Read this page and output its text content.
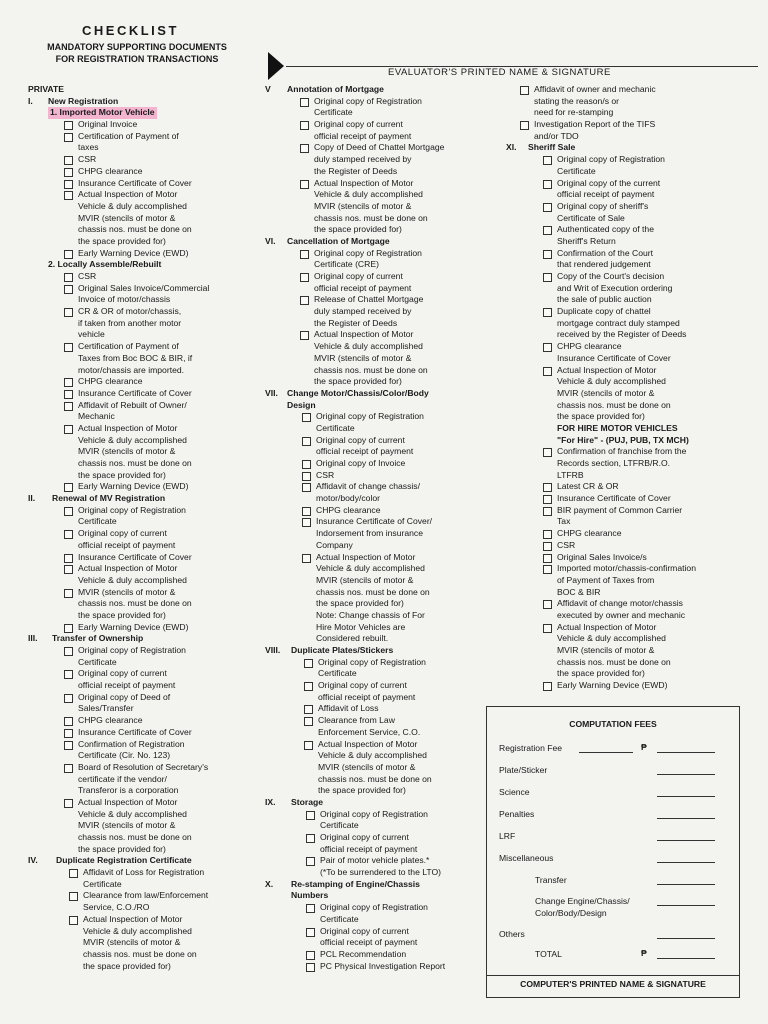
CHECKLIST
MANDATORY SUPPORTING DOCUMENTS
FOR REGISTRATION TRANSACTIONS
EVALUATOR'S PRINTED NAME & SIGNATURE
PRIVATE
I. New Registration
1. Imported Motor Vehicle
Original Invoice
Certification of Payment of
taxes
CSR
CHPG clearance
Insurance Certificate of Cover
Actual Inspection of Motor
Vehicle & duly accomplished
MVIR (stencils of motor &
chassis nos. must be done on
the space provided for)
Early Warning Device (EWD)
2. Locally Assemble/Rebuilt
CSR
Original Sales Invoice/Commercial
Invoice of motor/chassis
CR & OR of motor/chassis,
if taken from another motor
vehicle
Certification of Payment of
Taxes from Boc BOC & BIR, if
motor/chassis are imported.
CHPG clearance
Insurance Certificate of Cover
Affidavit of Rebuilt of Owner/
Mechanic
Actual Inspection of Motor
Vehicle & duly accomplished
MVIR (stencils of motor &
chassis nos. must be done on
the space provided for)
Early Warning Device (EWD)
II. Renewal of MV Registration
Original copy of Registration
Certificate
Original copy of current
official receipt of payment
Insurance Certificate of Cover
Actual Inspection of Motor
Vehicle & duly accomplished
MVIR (stencils of motor &
chassis nos. must be done on
the space provided for)
Early Warning Device (EWD)
III. Transfer of Ownership
Original copy of Registration
Certificate
Original copy of current
official receipt of payment
Original copy of Deed of
Sales/Transfer
CHPG clearance
Insurance Certificate of Cover
Confirmation of Registration
Certificate (Cir. No. 123)
Board of Resolution of Secretary's
certificate if the vendor/
Transferor is a corporation
Actual Inspection of Motor
Vehicle & duly accomplished
MVIR (stencils of motor &
chassis nos. must be done on
the space provided for)
IV. Duplicate Registration Certificate
Affidavit of Loss for Registration
Certificate
Clearance from law/Enforcement
Service, C.O./RO
Actual Inspection of Motor
Vehicle & duly accomplished
MVIR (stencils of motor &
chassis nos. must be done on
the space provided for)
V Annotation of Mortgage
Original copy of Registration
Certificate
Original copy of current
official receipt of payment
Copy of Deed of Chattel Mortgage
duly stamped received by
the Register of Deeds
Actual Inspection of Motor
Vehicle & duly accomplished
MVIR (stencils of motor &
chassis nos. must be done on
the space provided for)
VI. Cancellation of Mortgage
Original copy of Registration
Certificate (CRE)
Original copy of current
official receipt of payment
Release of Chattel Mortgage
duly stamped received by
the Register of Deeds
Actual Inspection of Motor
Vehicle & duly accomplished
MVIR (stencils of motor &
chassis nos. must be done on
the space provided for)
VII. Change Motor/Chassis/Color/Body
Design
Original copy of Registration
Certificate
Original copy of current
official receipt of payment
Original copy of Invoice
CSR
Affidavit of change chassis/
motor/body/color
CHPG clearance
Insurance Certificate of Cover/
Indorsement from insurance
Company
Actual Inspection of Motor
Vehicle & duly accomplished
MVIR (stencils of motor &
chassis nos. must be done on
the space provided for)
Note: Change chassis of For
Hire Motor Vehicles are
Considered rebuilt.
VIII. Duplicate Plates/Stickers
Original copy of Registration
Certificate
Original copy of current
official receipt of payment
Affidavit of Loss
Clearance from Law
Enforcement Service, C.O.
Actual Inspection of Motor
Vehicle & duly accomplished
MVIR (stencils of motor &
chassis nos. must be done on
the space provided for)
IX. Storage
Original copy of Registration
Certificate
Original copy of current
official receipt of payment
Pair of motor vehicle plates.*
(*To be surrendered to the LTO)
X. Re-stamping of Engine/Chassis
Numbers
Original copy of Registration
Certificate
Original copy of current
official receipt of payment
PCL Recommendation
PC Physical Investigation Report
Affidavit of owner and mechanic
stating the reason/s or
need for re-stamping
Investigation Report of the TIFS
and/or TDO
XI. Sheriff Sale
Original copy of Registration
Certificate
Original copy of the current
official receipt of payment
Original copy of sheriff's
Certificate of Sale
Authenticated copy of the
Sheriff's Return
Confirmation of the Court
that rendered judgement
Copy of the Court's decision
and Writ of Execution ordering
the sale of public auction
Duplicate copy of chattel
mortgage contract duly stamped
received by the Register of Deeds
CHPG clearance
Insurance Certificate of Cover
Actual Inspection of Motor
Vehicle & duly accomplished
MVIR (stencils of motor &
chassis nos. must be done on
the space provided for)
FOR HIRE MOTOR VEHICLES
"For Hire" - (PUJ, PUB, TX MCH)
Confirmation of franchise from the
Records section, LTFRB/R.O.
LTFRB
Latest CR & OR
Insurance Certificate of Cover
BIR payment of Common Carrier
Tax
CHPG clearance
CSR
Original Sales Invoice/s
Imported motor/chassis-confirmation
of Payment of Taxes from
BOC & BIR
Affidavit of change motor/chassis
executed by owner and mechanic
Actual Inspection of Motor
Vehicle & duly accomplished
MVIR (stencils of motor &
chassis nos. must be done on
the space provided for)
Early Warning Device (EWD)
COMPUTATION FEES
Registration Fee	₱
Plate/Sticker
Science
Penalties
LRF
Miscellaneous
Transfer
Change Engine/Chassis/
Color/Body/Design
Others
TOTAL	₱
COMPUTER'S PRINTED NAME & SIGNATURE
